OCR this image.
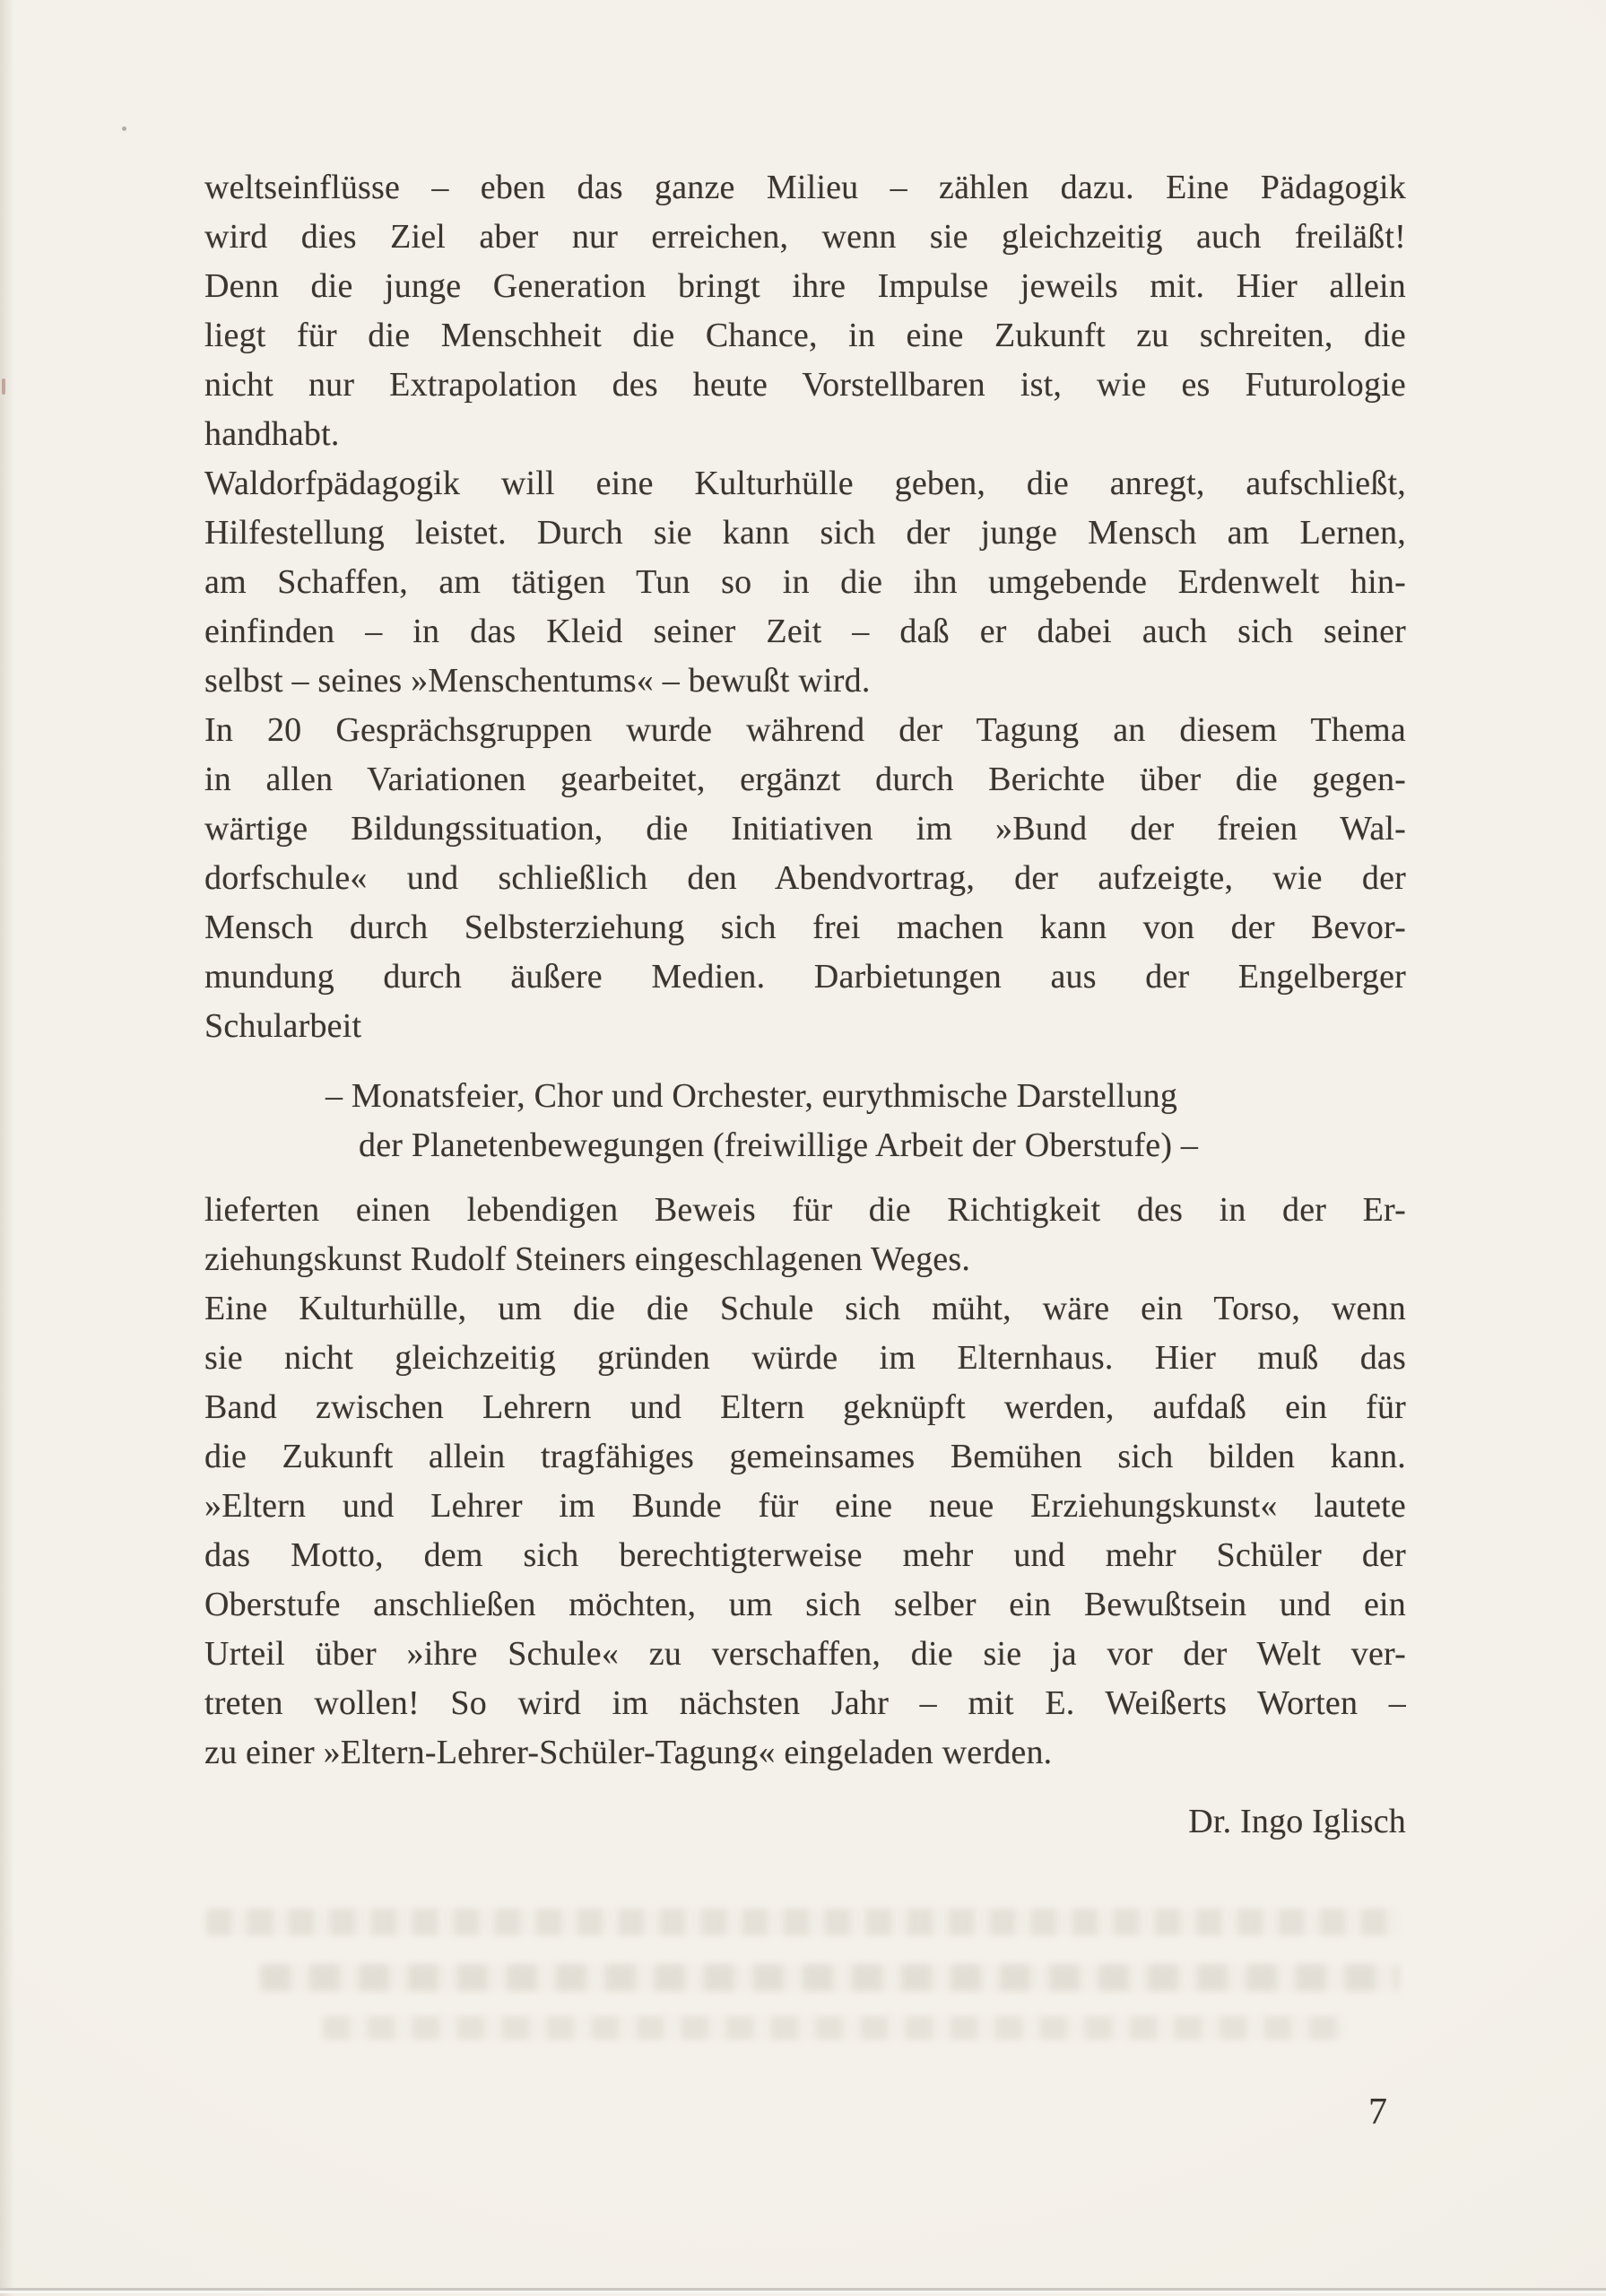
weltseinflüsse – eben das ganze Milieu – zählen dazu. Eine Pädagogik
wird dies Ziel aber nur erreichen, wenn sie gleichzeitig auch freiläßt!
Denn die junge Generation bringt ihre Impulse jeweils mit. Hier allein
liegt für die Menschheit die Chance, in eine Zukunft zu schreiten, die
nicht nur Extrapolation des heute Vorstellbaren ist, wie es Futurologie
handhabt.
Waldorfpädagogik will eine Kulturhülle geben, die anregt, aufschließt,
Hilfestellung leistet. Durch sie kann sich der junge Mensch am Lernen,
am Schaffen, am tätigen Tun so in die ihn umgebende Erdenwelt hin-
einfinden – in das Kleid seiner Zeit – daß er dabei auch sich seiner
selbst – seines »Menschentums« – bewußt wird.
In 20 Gesprächsgruppen wurde während der Tagung an diesem Thema
in allen Variationen gearbeitet, ergänzt durch Berichte über die gegen-
wärtige Bildungssituation, die Initiativen im »Bund der freien Wal-
dorfschule« und schließlich den Abendvortrag, der aufzeigte, wie der
Mensch durch Selbsterziehung sich frei machen kann von der Bevor-
mundung durch äußere Medien. Darbietungen aus der Engelberger
Schularbeit
– Monatsfeier, Chor und Orchester, eurythmische Darstellung
der Planetenbewegungen (freiwillige Arbeit der Oberstufe) –
lieferten einen lebendigen Beweis für die Richtigkeit des in der Er-
ziehungskunst Rudolf Steiners eingeschlagenen Weges.
Eine Kulturhülle, um die die Schule sich müht, wäre ein Torso, wenn
sie nicht gleichzeitig gründen würde im Elternhaus. Hier muß das
Band zwischen Lehrern und Eltern geknüpft werden, aufdaß ein für
die Zukunft allein tragfähiges gemeinsames Bemühen sich bilden kann.
»Eltern und Lehrer im Bunde für eine neue Erziehungskunst« lautete
das Motto, dem sich berechtigterweise mehr und mehr Schüler der
Oberstufe anschließen möchten, um sich selber ein Bewußtsein und ein
Urteil über »ihre Schule« zu verschaffen, die sie ja vor der Welt ver-
treten wollen! So wird im nächsten Jahr – mit E. Weißerts Worten –
zu einer »Eltern-Lehrer-Schüler-Tagung« eingeladen werden.
Dr. Ingo Iglisch
7
